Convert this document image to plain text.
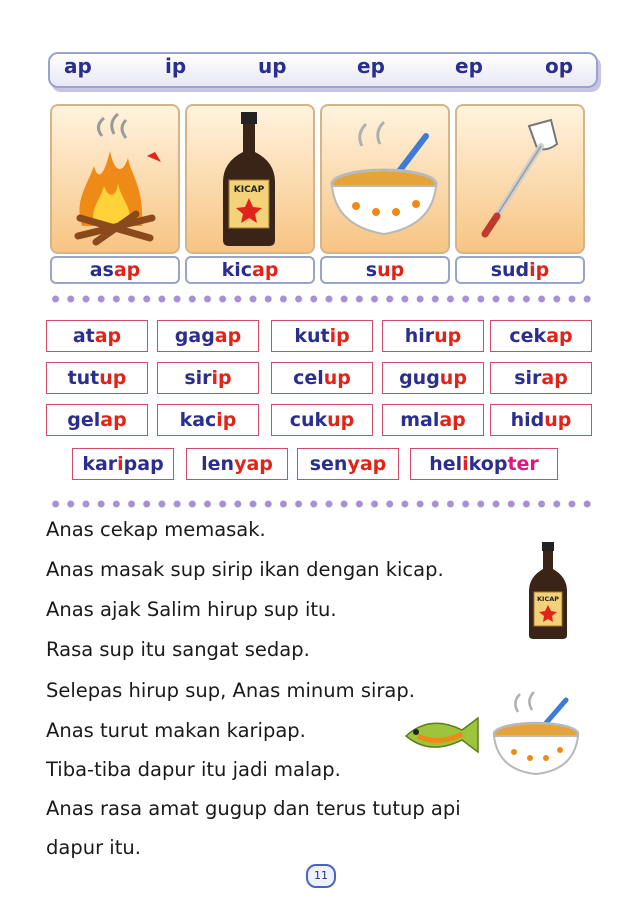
ap	ip	up	ep	ep	op
KICAP
asap	kicap	sup	sudip
atap	gagap	kutip	hirup	cekap
tutup	sirip	celup	gugup	sirap
gelap	kacip	cukup	malap	hidup
karipap	lenyap	senyap	helikopter
Anas cekap memasak.
Anas masak sup sirip ikan dengan kicap.
Anas ajak Salim hirup sup itu.
Rasa sup itu sangat sedap.
Selepas hirup sup, Anas minum sirap.
Anas turut makan karipap.
Tiba-tiba dapur itu jadi malap.
Anas rasa amat gugup dan terus tutup api
dapur itu.
KICAP
11
